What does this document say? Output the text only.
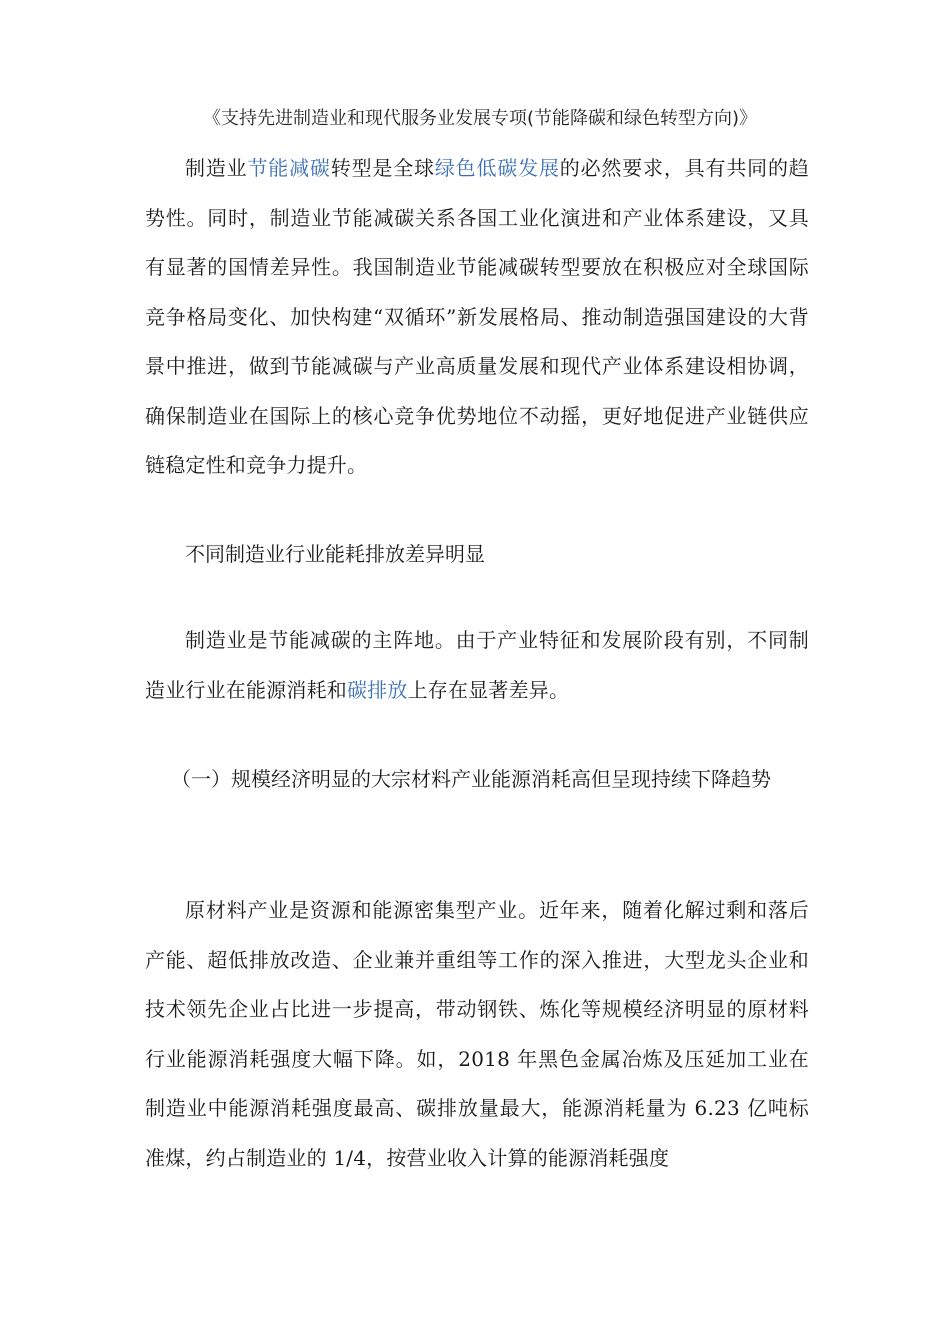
《支持先进制造业和现代服务业发展专项(节能降碳和绿色转型方向)》

制造业节能减碳转型是全球绿色低碳发展的必然要求，具有共同的趋势性。同时，制造业节能减碳关系各国工业化演进和产业体系建设，又具有显著的国情差异性。我国制造业节能减碳转型要放在积极应对全球国际竞争格局变化、加快构建“双循环”新发展格局、推动制造强国建设的大背景中推进，做到节能减碳与产业高质量发展和现代产业体系建设相协调，确保制造业在国际上的核心竞争优势地位不动摇，更好地促进产业链供应链稳定性和竞争力提升。

不同制造业行业能耗排放差异明显

制造业是节能减碳的主阵地。由于产业特征和发展阶段有别，不同制造业行业在能源消耗和碳排放上存在显著差异。

（一）规模经济明显的大宗材料产业能源消耗高但呈现持续下降趋势

原材料产业是资源和能源密集型产业。近年来，随着化解过剩和落后产能、超低排放改造、企业兼并重组等工作的深入推进，大型龙头企业和技术领先企业占比进一步提高，带动钢铁、炼化等规模经济明显的原材料行业能源消耗强度大幅下降。如，2018 年黑色金属冶炼及压延加工业在制造业中能源消耗强度最高、碳排放量最大，能源消耗量为 6.23 亿吨标准煤，约占制造业的 1/4，按营业收入计算的能源消耗强度
